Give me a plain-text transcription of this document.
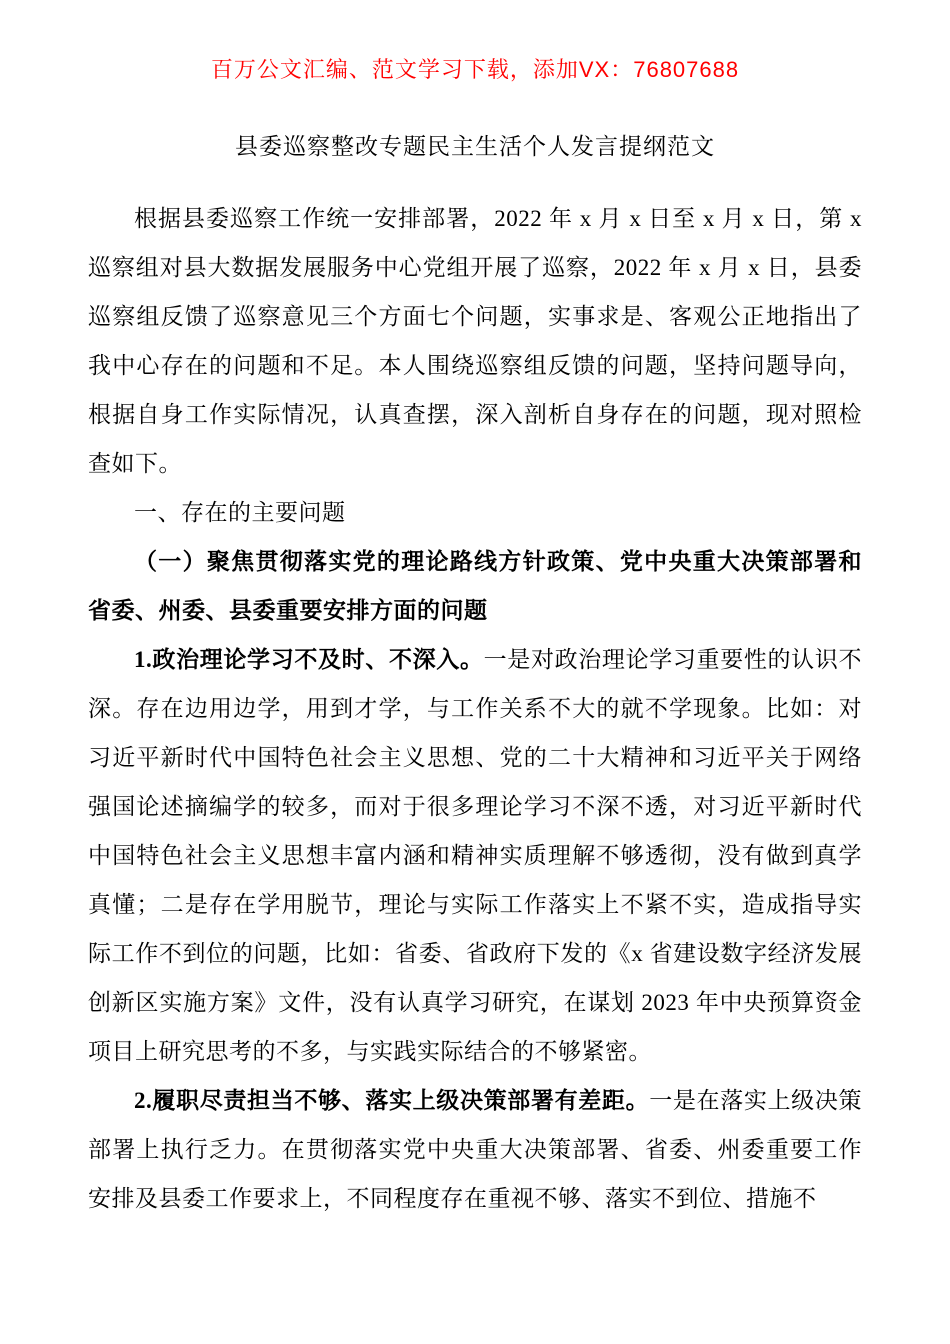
百万公文汇编、范文学习下载，添加VX：76807688
县委巡察整改专题民主生活个人发言提纲范文

根据县委巡察工作统一安排部署，2022 年 x 月 x 日至 x 月 x 日，第 x 巡察组对县大数据发展服务中心党组开展了巡察，2022 年 x 月 x 日，县委巡察组反馈了巡察意见三个方面七个问题，实事求是、客观公正地指出了我中心存在的问题和不足。本人围绕巡察组反馈的问题，坚持问题导向，根据自身工作实际情况，认真查摆，深入剖析自身存在的问题，现对照检查如下。

一、存在的主要问题

（一）聚焦贯彻落实党的理论路线方针政策、党中央重大决策部署和省委、州委、县委重要安排方面的问题

1.政治理论学习不及时、不深入。一是对政治理论学习重要性的认识不深。存在边用边学，用到才学，与工作关系不大的就不学现象。比如：对习近平新时代中国特色社会主义思想、党的二十大精神和习近平关于网络强国论述摘编学的较多，而对于很多理论学习不深不透，对习近平新时代中国特色社会主义思想丰富内涵和精神实质理解不够透彻，没有做到真学真懂；二是存在学用脱节，理论与实际工作落实上不紧不实，造成指导实际工作不到位的问题，比如：省委、省政府下发的《x 省建设数字经济发展创新区实施方案》文件，没有认真学习研究，在谋划 2023 年中央预算资金项目上研究思考的不多，与实践实际结合的不够紧密。

2.履职尽责担当不够、落实上级决策部署有差距。一是在落实上级决策部署上执行乏力。在贯彻落实党中央重大决策部署、省委、州委重要工作安排及县委工作要求上，不同程度存在重视不够、落实不到位、措施不
